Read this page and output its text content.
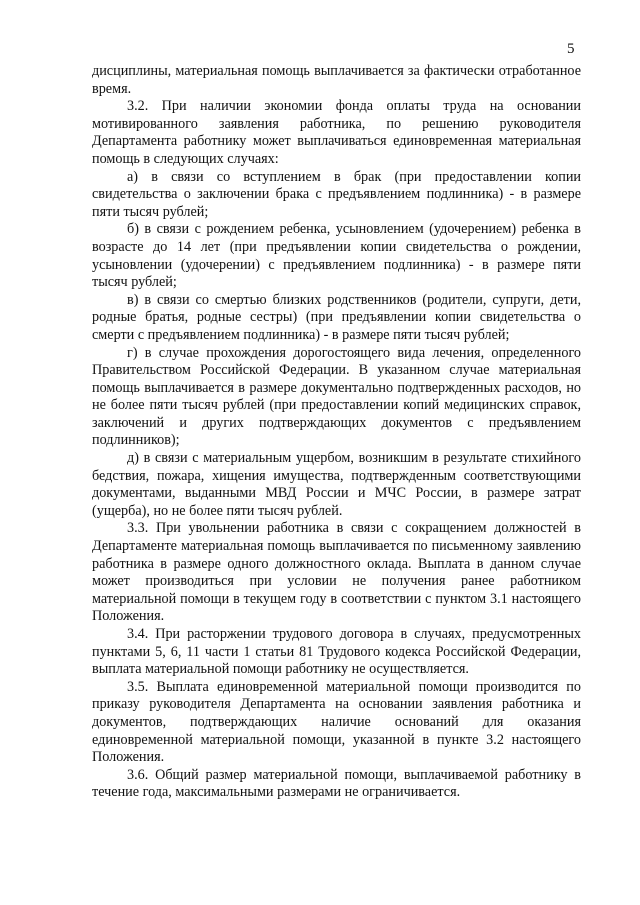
5

дисциплины, материальная помощь выплачивается за фактически отработанное время.

3.2. При наличии экономии фонда оплаты труда на основании мотивированного заявления работника, по решению руководителя Департамента работнику может выплачиваться единовременная материальная помощь в следующих случаях:

а) в связи со вступлением в брак (при предоставлении копии свидетельства о заключении брака с предъявлением подлинника) - в размере пяти тысяч рублей;

б) в связи с рождением ребенка, усыновлением (удочерением) ребенка в возрасте до 14 лет (при предъявлении копии свидетельства о рождении, усыновлении (удочерении) с предъявлением подлинника) - в размере пяти тысяч рублей;

в) в связи со смертью близких родственников (родители, супруги, дети, родные братья, родные сестры) (при предъявлении копии свидетельства о смерти с предъявлением подлинника) - в размере пяти тысяч рублей;

г) в случае прохождения дорогостоящего вида лечения, определенного Правительством Российской Федерации. В указанном случае материальная помощь выплачивается в размере документально подтвержденных расходов, но не более пяти тысяч рублей (при предоставлении копий медицинских справок, заключений и других подтверждающих документов с предъявлением подлинников);

д) в связи с материальным ущербом, возникшим в результате стихийного бедствия, пожара, хищения имущества, подтвержденным соответствующими документами, выданными МВД России и МЧС России, в размере затрат (ущерба), но не более пяти тысяч рублей.

3.3. При увольнении работника в связи с сокращением должностей в Департаменте материальная помощь выплачивается по письменному заявлению работника в размере одного должностного оклада. Выплата в данном случае может производиться при условии не получения ранее работником материальной помощи в текущем году в соответствии с пунктом 3.1 настоящего Положения.

3.4. При расторжении трудового договора в случаях, предусмотренных пунктами 5, 6, 11 части 1 статьи 81 Трудового кодекса Российской Федерации, выплата материальной помощи работнику не осуществляется.

3.5. Выплата единовременной материальной помощи производится по приказу руководителя Департамента на основании заявления работника и документов, подтверждающих наличие оснований для оказания единовременной материальной помощи, указанной в пункте 3.2 настоящего Положения.

3.6. Общий размер материальной помощи, выплачиваемой работнику в течение года, максимальными размерами не ограничивается.
